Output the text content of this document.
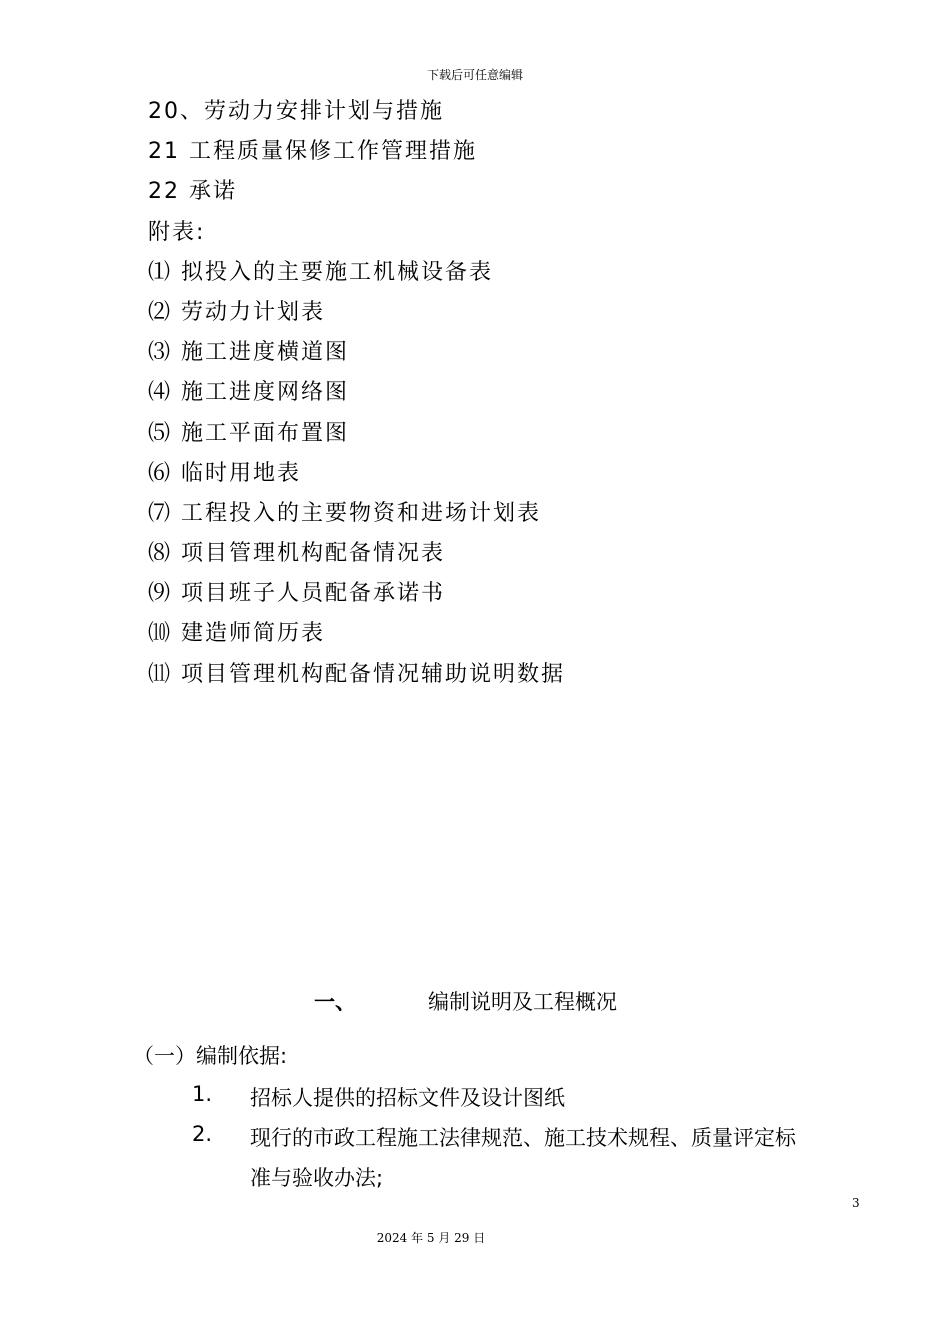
下载后可任意编辑
20、劳动力安排计划与措施
21 工程质量保修工作管理措施
22 承诺
附表:
⑴ 拟投入的主要施工机械设备表
⑵ 劳动力计划表
⑶ 施工进度横道图
⑷ 施工进度网络图
⑸ 施工平面布置图
⑹ 临时用地表
⑺ 工程投入的主要物资和进场计划表
⑻ 项目管理机构配备情况表
⑼ 项目班子人员配备承诺书
⑽ 建造师简历表
⑾ 项目管理机构配备情况辅助说明数据
一、	编制说明及工程概况
（一）编制依据:
1. 招标人提供的招标文件及设计图纸
2. 现行的市政工程施工法律规范、施工技术规程、质量评定标
准与验收办法;
3
2024 年 5 月 29 日
